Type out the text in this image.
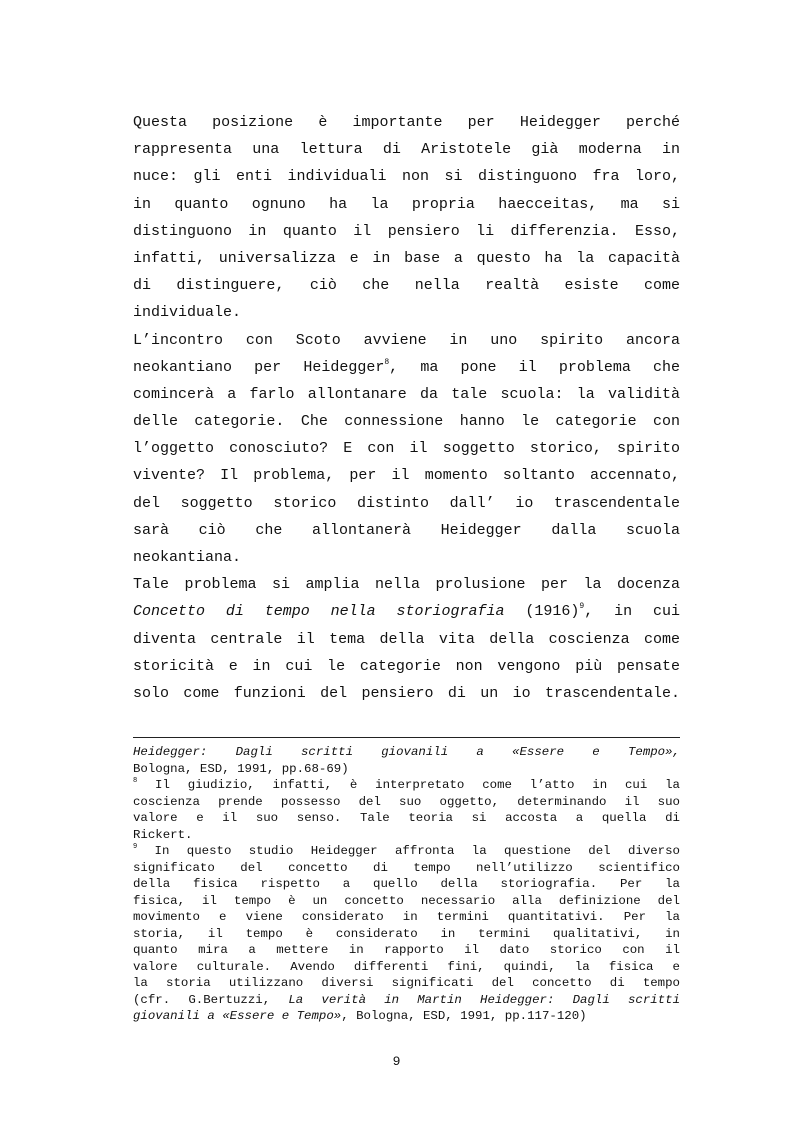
Questa posizione è importante per Heidegger perché
rappresenta una lettura di Aristotele già moderna in
nuce: gli enti individuali non si distinguono fra loro,
in quanto ognuno ha la propria haecceitas, ma si
distinguono in quanto il pensiero li differenzia. Esso,
infatti, universalizza e in base a questo ha la capacità
di distinguere, ciò che nella realtà esiste come
individuale.
L’incontro con Scoto avviene in uno spirito ancora
neokantiano per Heidegger$^8$, ma pone il problema che
comincerà a farlo allontanare da tale scuola: la validità
delle categorie. Che connessione hanno le categorie con
l’oggetto conosciuto? E con il soggetto storico, spirito
vivente? Il problema, per il momento soltanto accennato,
del soggetto storico distinto dall’ io trascendentale
sarà ciò che allontanerà Heidegger dalla scuola
neokantiana.
Tale problema si amplia nella prolusione per la docenza
Concetto di tempo nella storiografia $(1916)^9$, in cui
diventa centrale il tema della vita della coscienza come
storicità e in cui le categorie non vengono più pensate
solo come funzioni del pensiero di un io trascendentale.
Heidegger: Dagli scritti giovanili a «Essere e Tempo»,
Bologna, ESD, 1991, pp.68-69)
$^8$ Il giudizio, infatti, è interpretato come l’atto in cui la
coscienza prende possesso del suo oggetto, determinando il suo
valore e il suo senso. Tale teoria si accosta a quella di
Rickert.
$^9$ In questo studio Heidegger affronta la questione del diverso
significato del concetto di tempo nell’utilizzo scientifico
della fisica rispetto a quello della storiografia. Per la
fisica, il tempo è un concetto necessario alla definizione del
movimento e viene considerato in termini quantitativi. Per la
storia, il tempo è considerato in termini qualitativi, in
quanto mira a mettere in rapporto il dato storico con il
valore culturale. Avendo differenti fini, quindi, la fisica e
la storia utilizzano diversi significati del concetto di tempo
(cfr. G.Bertuzzi, La verità in Martin Heidegger: Dagli scritti
giovanili a «Essere e Tempo», Bologna, ESD, 1991, pp.117-120)
9
